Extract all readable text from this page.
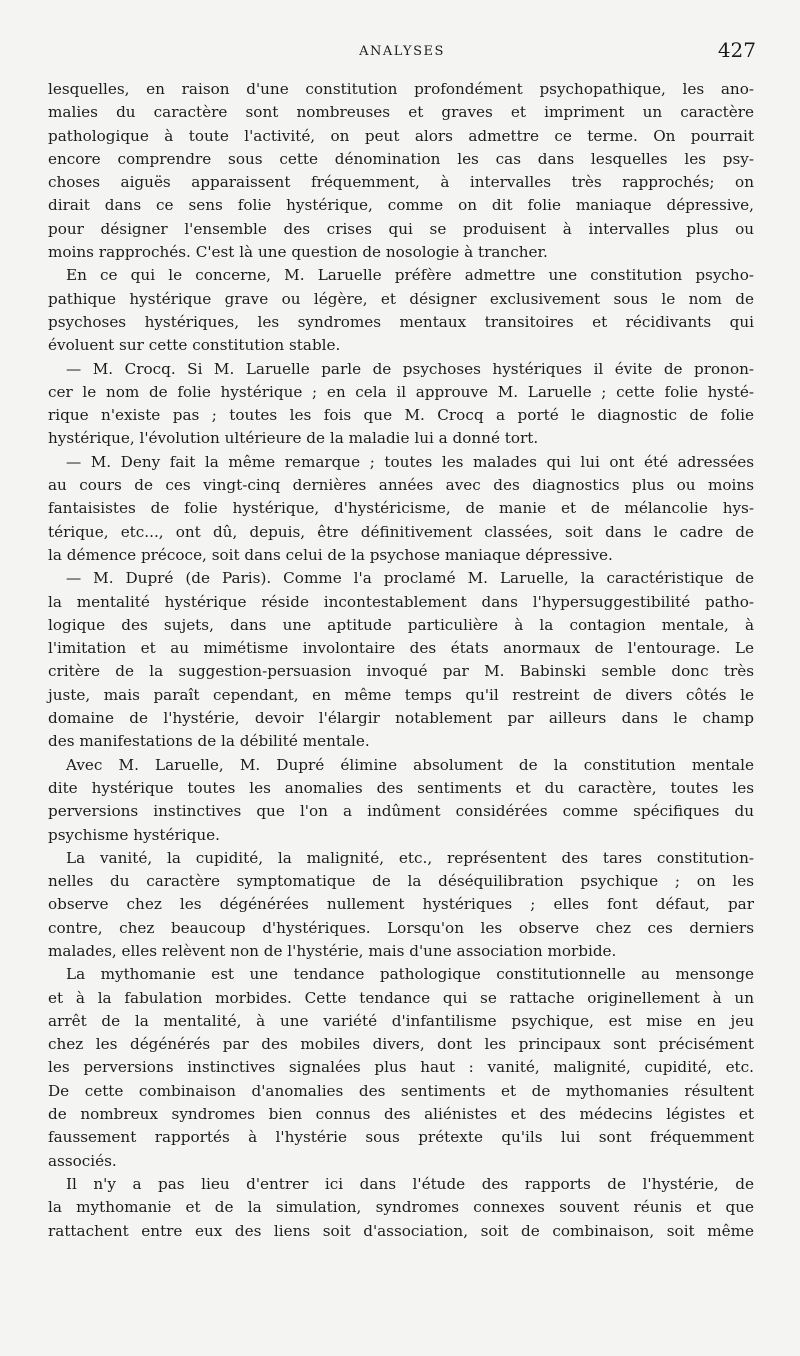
ANALYSES	427
lesquelles, en raison d'une constitution profondément psychopathique, les ano-
malies du caractère sont nombreuses et graves et impriment un caractère
pathologique à toute l'activité, on peut alors admettre ce terme. On pourrait
encore comprendre sous cette dénomination les cas dans lesquelles les psy-
choses aiguës apparaissent fréquemment, à intervalles très rapprochés; on
dirait dans ce sens folie hystérique, comme on dit folie maniaque dépressive,
pour désigner l'ensemble des crises qui se produisent à intervalles plus ou
moins rapprochés. C'est là une question de nosologie à trancher.
En ce qui le concerne, M. Laruelle préfère admettre une constitution psycho-
pathique hystérique grave ou légère, et désigner exclusivement sous le nom de
psychoses hystériques, les syndromes mentaux transitoires et récidivants qui
évoluent sur cette constitution stable.
— M. Crocq. Si M. Laruelle parle de psychoses hystériques il évite de pronon-
cer le nom de folie hystérique ; en cela il approuve M. Laruelle ; cette folie hysté-
rique n'existe pas ; toutes les fois que M. Crocq a porté le diagnostic de folie
hystérique, l'évolution ultérieure de la maladie lui a donné tort.
— M. Deny fait la même remarque ; toutes les malades qui lui ont été adressées
au cours de ces vingt-cinq dernières années avec des diagnostics plus ou moins
fantaisistes de folie hystérique, d'hystéricisme, de manie et de mélancolie hys-
térique, etc..., ont dû, depuis, être définitivement classées, soit dans le cadre de
la démence précoce, soit dans celui de la psychose maniaque dépressive.
— M. Dupré (de Paris). Comme l'a proclamé M. Laruelle, la caractéristique de
la mentalité hystérique réside incontestablement dans l'hypersuggestibilité patho-
logique des sujets, dans une aptitude particulière à la contagion mentale, à
l'imitation et au mimétisme involontaire des états anormaux de l'entourage. Le
critère de la suggestion-persuasion invoqué par M. Babinski semble donc très
juste, mais paraît cependant, en même temps qu'il restreint de divers côtés le
domaine de l'hystérie, devoir l'élargir notablement par ailleurs dans le champ
des manifestations de la débilité mentale.
Avec M. Laruelle, M. Dupré élimine absolument de la constitution mentale
dite hystérique toutes les anomalies des sentiments et du caractère, toutes les
perversions instinctives que l'on a indûment considérées comme spécifiques du
psychisme hystérique.
La vanité, la cupidité, la malignité, etc., représentent des tares constitution-
nelles du caractère symptomatique de la déséquilibration psychique ; on les
observe chez les dégénérées nullement hystériques ; elles font défaut, par
contre, chez beaucoup d'hystériques. Lorsqu'on les observe chez ces derniers
malades, elles relèvent non de l'hystérie, mais d'une association morbide.
La mythomanie est une tendance pathologique constitutionnelle au mensonge
et à la fabulation morbides. Cette tendance qui se rattache originellement à un
arrêt de la mentalité, à une variété d'infantilisme psychique, est mise en jeu
chez les dégénérés par des mobiles divers, dont les principaux sont précisément
les perversions instinctives signalées plus haut : vanité, malignité, cupidité, etc.
De cette combinaison d'anomalies des sentiments et de mythomanies résultent
de nombreux syndromes bien connus des aliénistes et des médecins légistes et
faussement rapportés à l'hystérie sous prétexte qu'ils lui sont fréquemment
associés.
Il n'y a pas lieu d'entrer ici dans l'étude des rapports de l'hystérie, de
la mythomanie et de la simulation, syndromes connexes souvent réunis et que
rattachent entre eux des liens soit d'association, soit de combinaison, soit même
